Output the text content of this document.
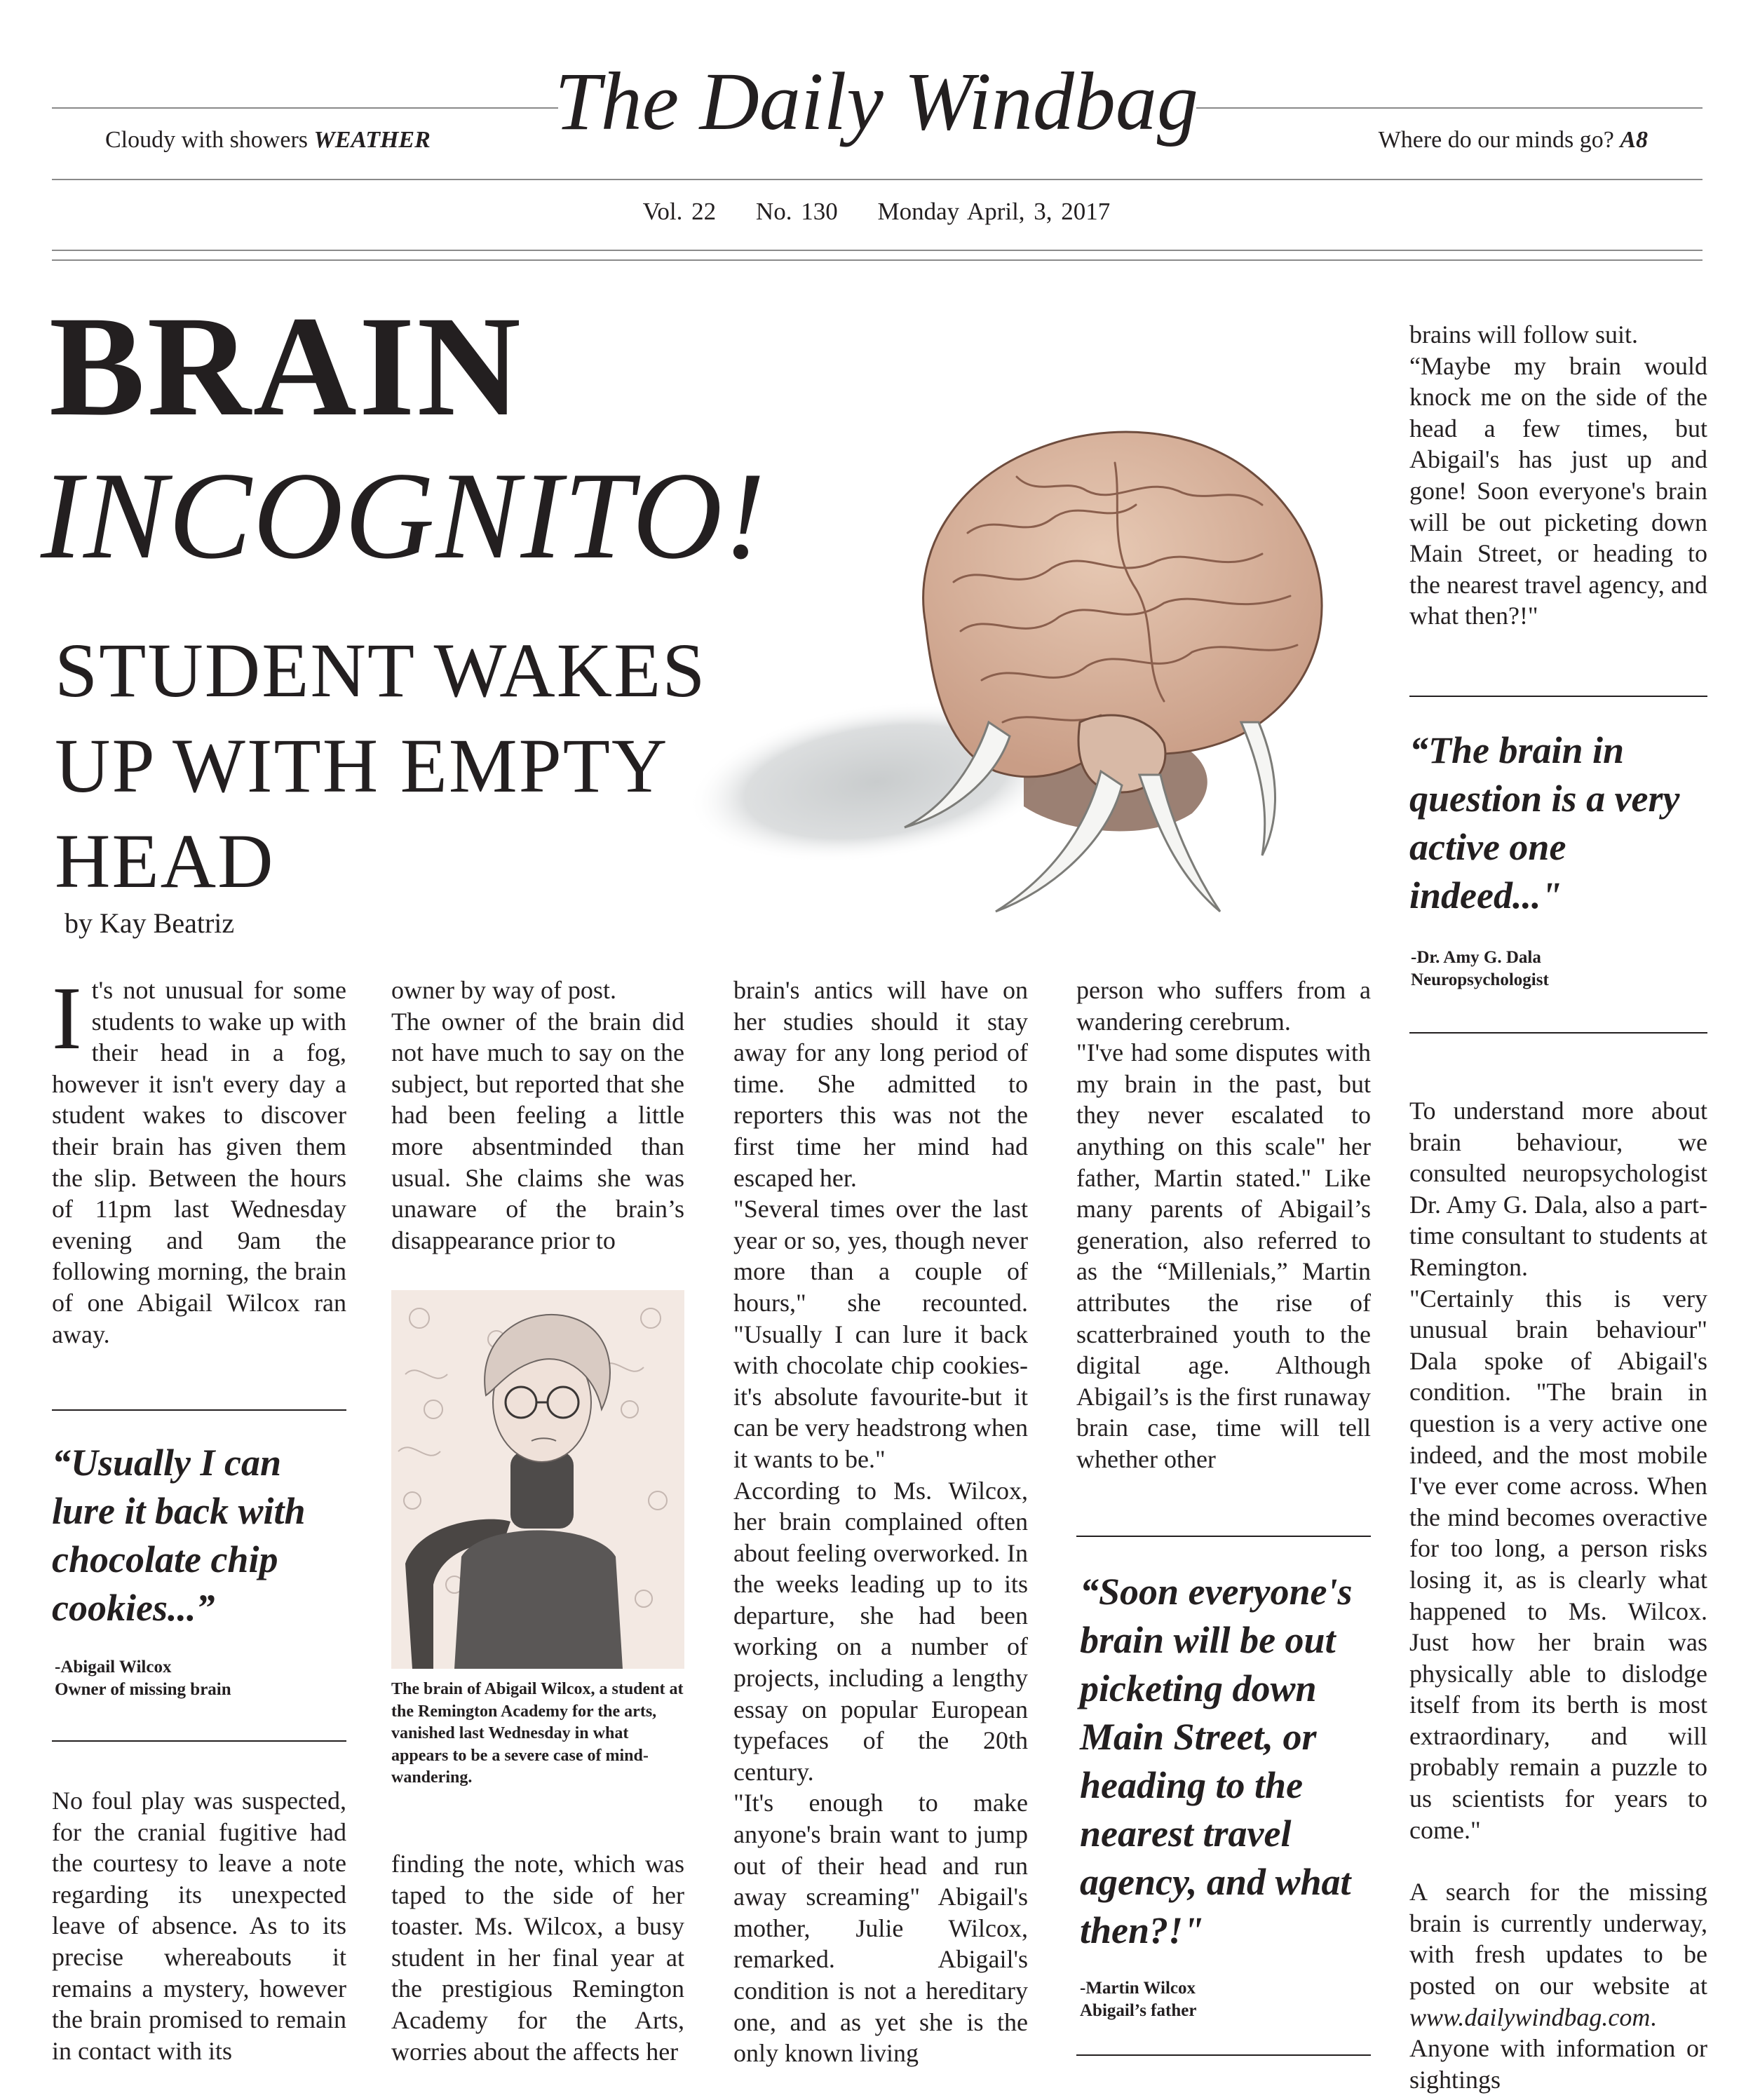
The Daily Windbag
Cloudy with showers WEATHER	Where do our minds go? A8
Vol. 22 No. 130 Monday April, 3, 2017
BRAIN
INCOGNITO!
STUDENT WAKES UP WITH EMPTY HEAD
by Kay Beatriz

It's not unusual for some students to wake up with their head in a fog, however it isn't every day a student wakes to discover their brain has given them the slip. Between the hours of 11pm last Wednesday evening and 9am the following morning, the brain of one Abigail Wilcox ran away.

“Usually I can lure it back with chocolate chip cookies...”
-Abigail Wilcox
Owner of missing brain

No foul play was suspected, for the cranial fugitive had the courtesy to leave a note regarding its unexpected leave of absence. As to its precise whereabouts it remains a mystery, however the brain promised to remain in contact with its

owner by way of post.

The owner of the brain did not have much to say on the subject, but reported that she had been feeling a little more absentminded than usual. She claims she was unaware of the brain’s disappearance prior to

The brain of Abigail Wilcox, a student at the Remington Academy for the arts, vanished last Wednesday in what appears to be a severe case of mind-wandering.

finding the note, which was taped to the side of her toaster. Ms. Wilcox, a busy student in her final year at the prestigious Remington Academy for the Arts, worries about the affects her

brain's antics will have on her studies should it stay away for any long period of time. She admitted to reporters this was not the first time her mind had escaped her.

"Several times over the last year or so, yes, though never more than a couple of hours," she recounted. "Usually I can lure it back with chocolate chip cookies-it's absolute favourite-but it can be very headstrong when it wants to be."

According to Ms. Wilcox, her brain complained often about feeling overworked. In the weeks leading up to its departure, she had been working on a number of projects, including a lengthy essay on popular European typefaces of the 20th century.

"It's enough to make anyone's brain want to jump out of their head and run away screaming" Abigail's mother, Julie Wilcox, remarked. Abigail's condition is not a hereditary one, and as yet she is the only known living

person who suffers from a wandering cerebrum.

"I've had some disputes with my brain in the past, but they never escalated to anything on this scale" her father, Martin stated." Like many parents of Abigail’s generation, also referred to as the “Millenials,” Martin attributes the rise of scatterbrained youth to the digital age. Although Abigail’s is the first runaway brain case, time will tell whether other

“Soon everyone's brain will be out picketing down Main Street, or heading to the nearest travel agency, and what then?!"
-Martin Wilcox
Abigail’s father

brains will follow suit.

“Maybe my brain would knock me on the side of the head a few times, but Abigail's has just up and gone! Soon everyone's brain will be out picketing down Main Street, or heading to the nearest travel agency, and what then?!"

“The brain in question is a very active one indeed..."
-Dr. Amy G. Dala
Neuropsychologist

To understand more about brain behaviour, we consulted neuropsychologist Dr. Amy G. Dala, also a part-time consultant to students at Remington.

"Certainly this is very unusual brain behaviour" Dala spoke of Abigail's condition. "The brain in question is a very active one indeed, and the most mobile I've ever come across. When the mind becomes overactive for too long, a person risks losing it, as is clearly what happened to Ms. Wilcox. Just how her brain was physically able to dislodge itself from its berth is most extraordinary, and will probably remain a puzzle to us scientists for years to come."

A search for the missing brain is currently underway, with fresh updates to be posted on our website at www.dailywindbag.com. Anyone with information or sightings
